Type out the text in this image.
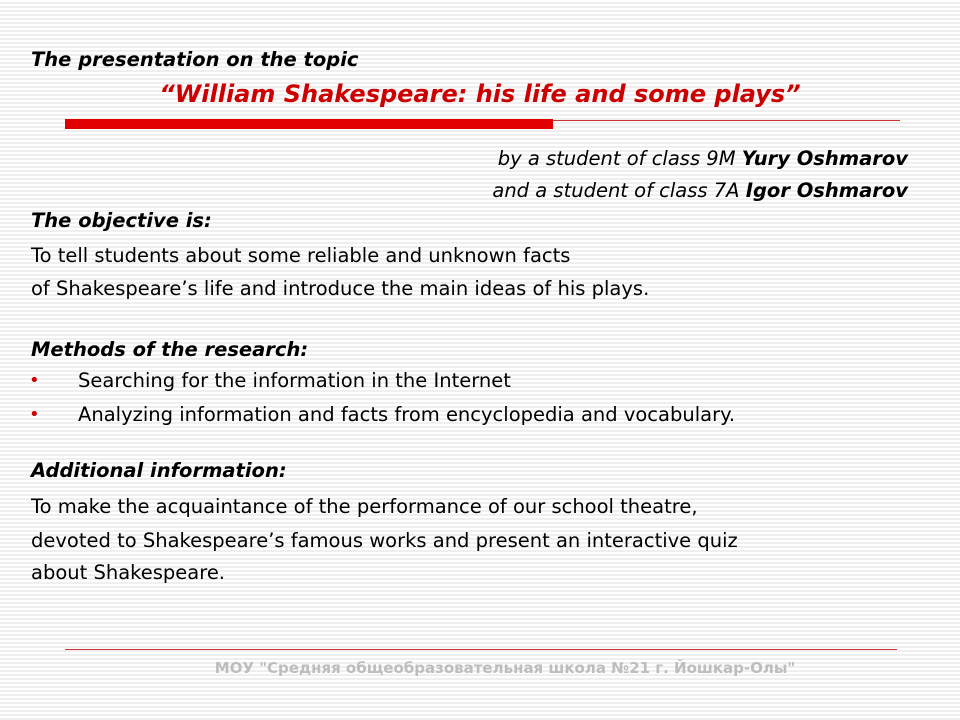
The presentation on the topic
“William Shakespeare: his life and some plays”
by a student of class 9M Yury Oshmarov
and a student of class 7A Igor Oshmarov
The objective is:
To tell students about some reliable and unknown facts
of Shakespeare’s life and introduce the main ideas of his plays.
Methods of the research:
• Searching for the information in the Internet
• Analyzing information and facts from encyclopedia and vocabulary.
Additional information:
To make the acquaintance of the performance of our school theatre,
devoted to Shakespeare’s famous works and present an interactive quiz
about Shakespeare.
МОУ "Средняя общеобразовательная школа №21 г. Йошкар-Олы"
